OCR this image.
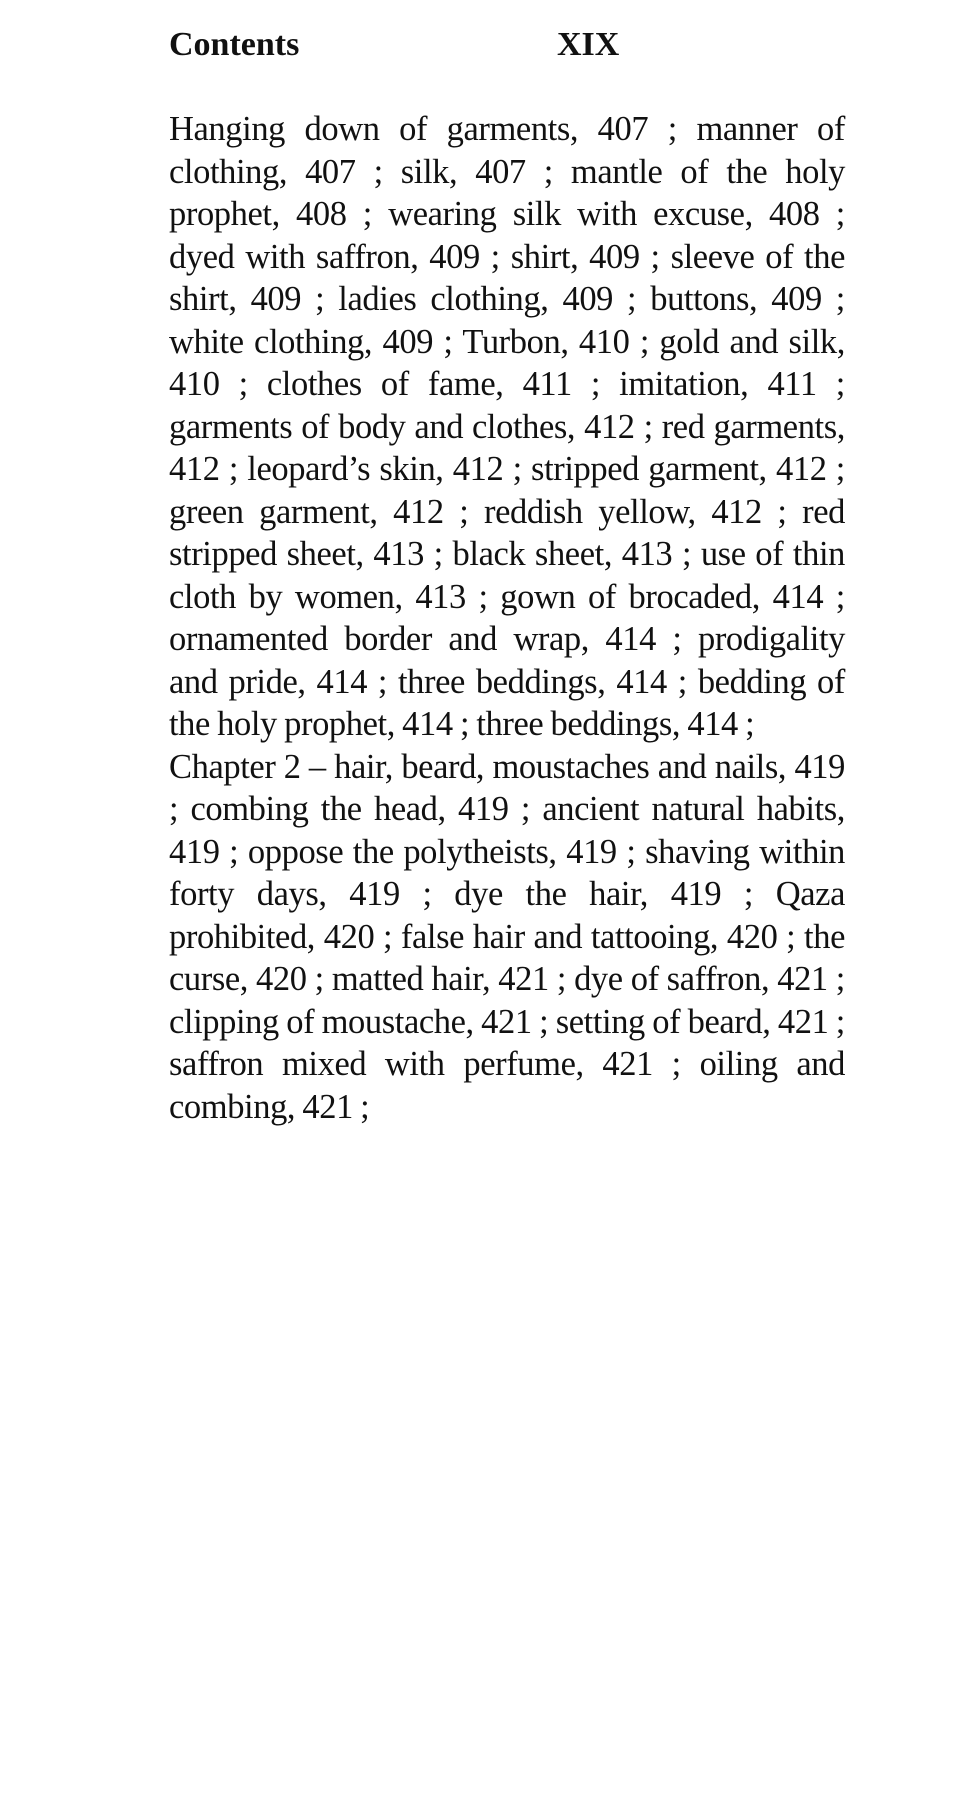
Contents	XIX

Hanging down of garments, 407 ; manner of clothing, 407 ; silk, 407 ; mantle of the holy prophet, 408 ; wearing silk with excuse, 408 ; dyed with saffron, 409 ; shirt, 409 ; sleeve of the shirt, 409 ; ladies clothing, 409 ; buttons, 409 ; white clothing, 409 ; Turbon, 410 ; gold and silk, 410 ; clothes of fame, 411 ; imitation, 411 ; garments of body and clothes, 412 ; red garments, 412 ; leopard’s skin, 412 ; stripped garment, 412 ; green garment, 412 ; reddish yellow, 412 ; red stripped sheet, 413 ; black sheet, 413 ; use of thin cloth by women, 413 ; gown of brocaded, 414 ; ornamented border and wrap, 414 ; prodigality and pride, 414 ; three beddings, 414 ; bedding of the holy prophet, 414 ; three beddings, 414 ;

Chapter 2 – hair, beard, moustaches and nails, 419 ; combing the head, 419 ; ancient natural habits, 419 ; oppose the polytheists, 419 ; shaving within forty days, 419 ; dye the hair, 419 ; Qaza prohibited, 420 ; false hair and tattooing, 420 ; the curse, 420 ; matted hair, 421 ; dye of saffron, 421 ; clipping of moustache, 421 ; setting of beard, 421 ; saffron mixed with perfume, 421 ; oiling and combing, 421 ;
